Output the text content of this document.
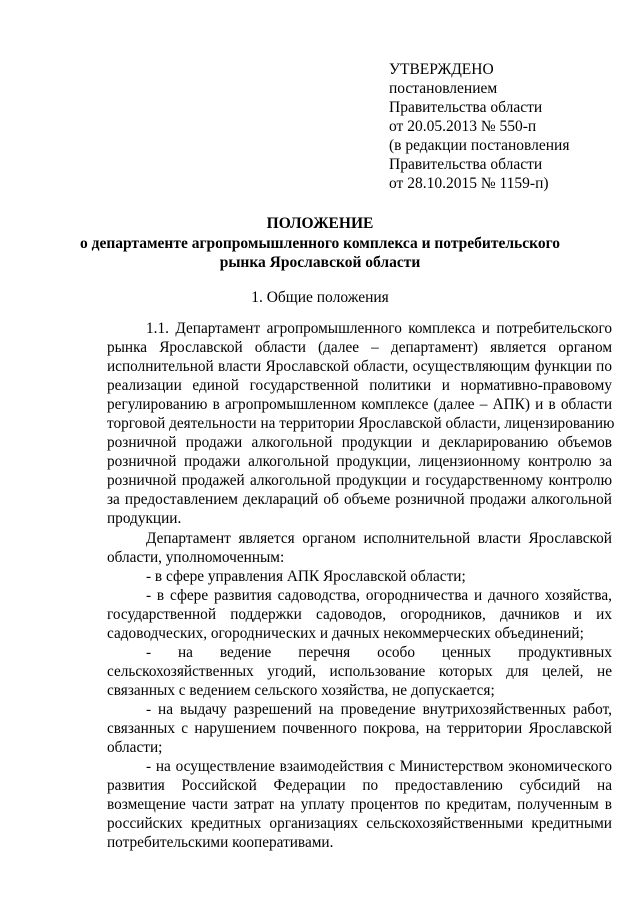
УТВЕРЖДЕНО
постановлением
Правительства области
от 20.05.2013 № 550-п
(в редакции постановления
Правительства области
от 28.10.2015 № 1159-п)
ПОЛОЖЕНИЕ
о департаменте агропромышленного комплекса и потребительского
рынка Ярославской области
1. Общие положения
1.1. Департамент агропромышленного комплекса и потребительского
рынка Ярославской области (далее – департамент) является органом
исполнительной власти Ярославской области, осуществляющим функции по
реализации единой государственной политики и нормативно-правовому
регулированию в агропромышленном комплексе (далее – АПК) и в области
торговой деятельности на территории Ярославской области, лицензированию
розничной продажи алкогольной продукции и декларированию объемов
розничной продажи алкогольной продукции, лицензионному контролю за
розничной продажей алкогольной продукции и государственному контролю
за предоставлением деклараций об объеме розничной продажи алкогольной
продукции.
Департамент является органом исполнительной власти Ярославской
области, уполномоченным:
- в сфере управления АПК Ярославской области;
- в сфере развития садоводства, огородничества и дачного хозяйства,
государственной поддержки садоводов, огородников, дачников и их
садоводческих, огороднических и дачных некоммерческих объединений;
- на ведение перечня особо ценных продуктивных
сельскохозяйственных угодий, использование которых для целей, не
связанных с ведением сельского хозяйства, не допускается;
- на выдачу разрешений на проведение внутрихозяйственных работ,
связанных с нарушением почвенного покрова, на территории Ярославской
области;
- на осуществление взаимодействия с Министерством экономического
развития Российской Федерации по предоставлению субсидий на
возмещение части затрат на уплату процентов по кредитам, полученным в
российских кредитных организациях сельскохозяйственными кредитными
потребительскими кооперативами.
